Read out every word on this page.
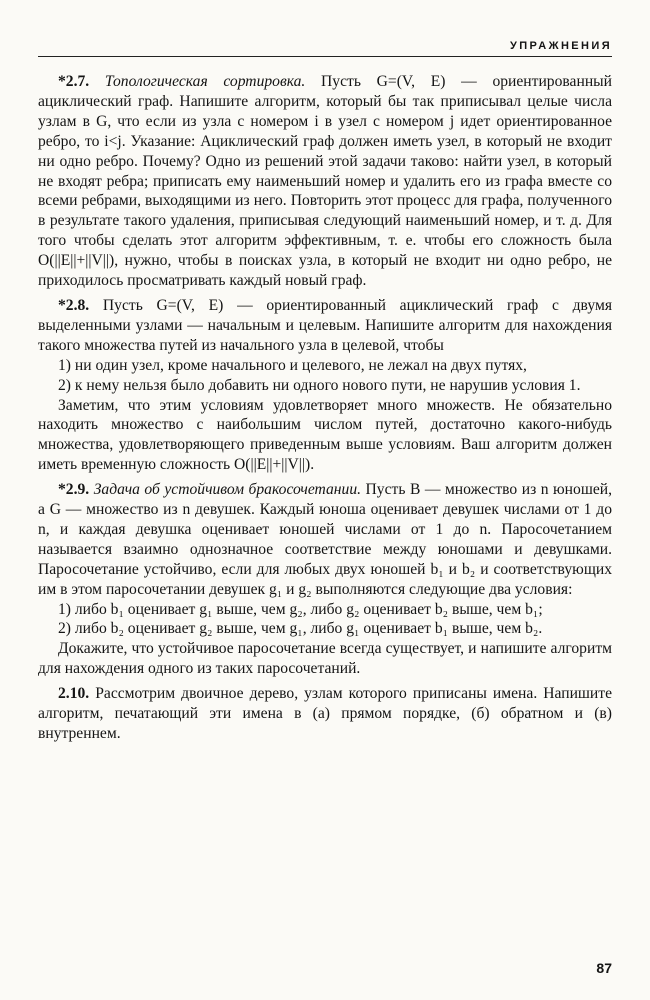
УПРАЖНЕНИЯ

*2.7. Топологическая сортировка. Пусть G=(V, E) — ориентированный ациклический граф. Напишите алгоритм, который бы так приписывал целые числа узлам в G, что если из узла с номером i в узел с номером j идет ориентированное ребро, то i<j. Указание: Ациклический граф должен иметь узел, в который не входит ни одно ребро. Почему? Одно из решений этой задачи таково: найти узел, в который не входят ребра; приписать ему наименьший номер и удалить его из графа вместе со всеми ребрами, выходящими из него. Повторить этот процесс для графа, полученного в результате такого удаления, приписывая следующий наименьший номер, и т. д. Для того чтобы сделать этот алгоритм эффективным, т. е. чтобы его сложность была O(||E||+||V||), нужно, чтобы в поисках узла, в который не входит ни одно ребро, не приходилось просматривать каждый новый граф.

*2.8. Пусть G=(V, E) — ориентированный ациклический граф с двумя выделенными узлами — начальным и целевым. Напишите алгоритм для нахождения такого множества путей из начального узла в целевой, чтобы

1) ни один узел, кроме начального и целевого, не лежал на двух путях,

2) к нему нельзя было добавить ни одного нового пути, не нарушив условия 1.

Заметим, что этим условиям удовлетворяет много множеств. Не обязательно находить множество с наибольшим числом путей, достаточно какого-нибудь множества, удовлетворяющего приведенным выше условиям. Ваш алгоритм должен иметь временную сложность O(||E||+||V||).

*2.9. Задача об устойчивом бракосочетании. Пусть B — множество из n юношей, а G — множество из n девушек. Каждый юноша оценивает девушек числами от 1 до n, и каждая девушка оценивает юношей числами от 1 до n. Паросочетанием называется взаимно однозначное соответствие между юношами и девушками. Паросочетание устойчиво, если для любых двух юношей b₁ и b₂ и соответствующих им в этом паросочетании девушек g₁ и g₂ выполняются следующие два условия:

1) либо b₁ оценивает g₁ выше, чем g₂, либо g₂ оценивает b₂ выше, чем b₁;

2) либо b₂ оценивает g₂ выше, чем g₁, либо g₁ оценивает b₁ выше, чем b₂.

Докажите, что устойчивое паросочетание всегда существует, и напишите алгоритм для нахождения одного из таких паросочетаний.

2.10. Рассмотрим двоичное дерево, узлам которого приписаны имена. Напишите алгоритм, печатающий эти имена в (а) прямом порядке, (б) обратном и (в) внутреннем.

87
